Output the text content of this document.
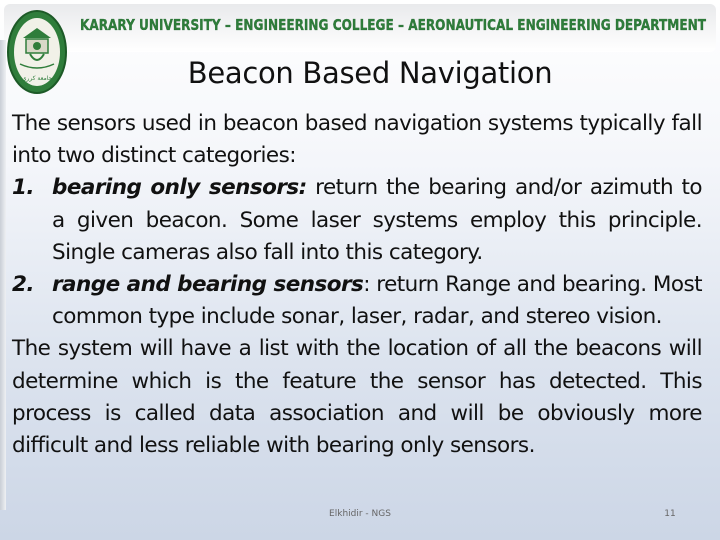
جامعة كرري
KARARY UNIVERSITY – ENGINEERING COLLEGE – AERONAUTICAL ENGINEERING DEPARTMENT
Beacon Based Navigation

The sensors used in beacon based navigation systems typically fall into two distinct categories:

1. bearing only sensors: return the bearing and/or azimuth to a given beacon. Some laser systems employ this principle. Single cameras also fall into this category.
2. range and bearing sensors: return Range and bearing. Most common type include sonar, laser, radar, and stereo vision.

The system will have a list with the location of all the beacons will determine which is the feature the sensor has detected. This process is called data association and will be obviously more difficult and less reliable with bearing only sensors.

Elkhidir - NGS	11
